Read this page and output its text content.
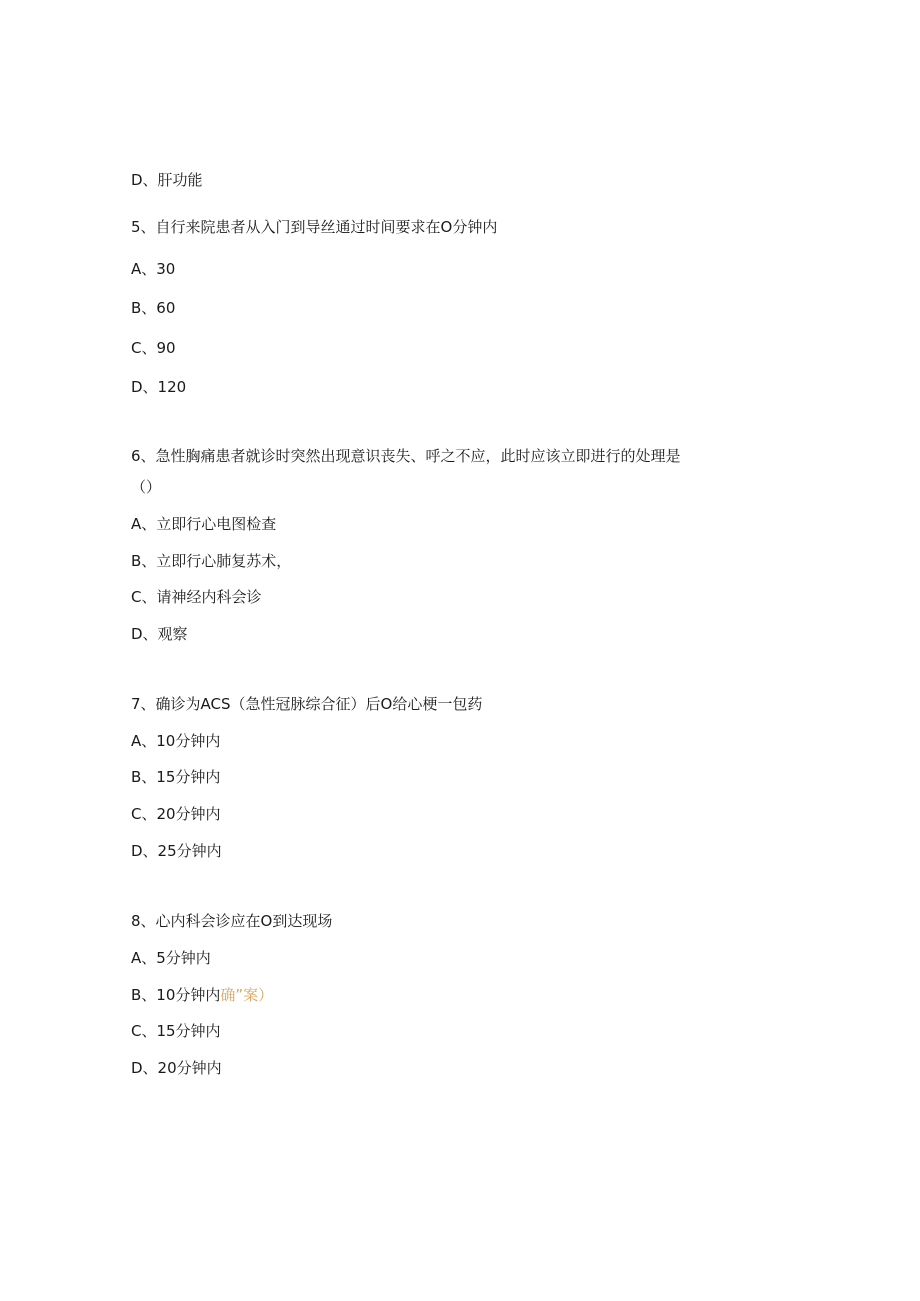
D、肝功能
5、自行来院患者从入门到导丝通过时间要求在O分钟内
A、30
B、60
C、90
D、120
6、急性胸痛患者就诊时突然出现意识丧失、呼之不应，此时应该立即进行的处理是
（）
A、立即行心电图检查
B、立即行心肺复苏术，
C、请神经内科会诊
D、观察
7、确诊为ACS（急性冠脉综合征）后O给心梗一包药
A、10分钟内
B、15分钟内
C、20分钟内
D、25分钟内
8、心内科会诊应在O到达现场
A、5分钟内
B、10分钟内确”案）
C、15分钟内
D、20分钟内
